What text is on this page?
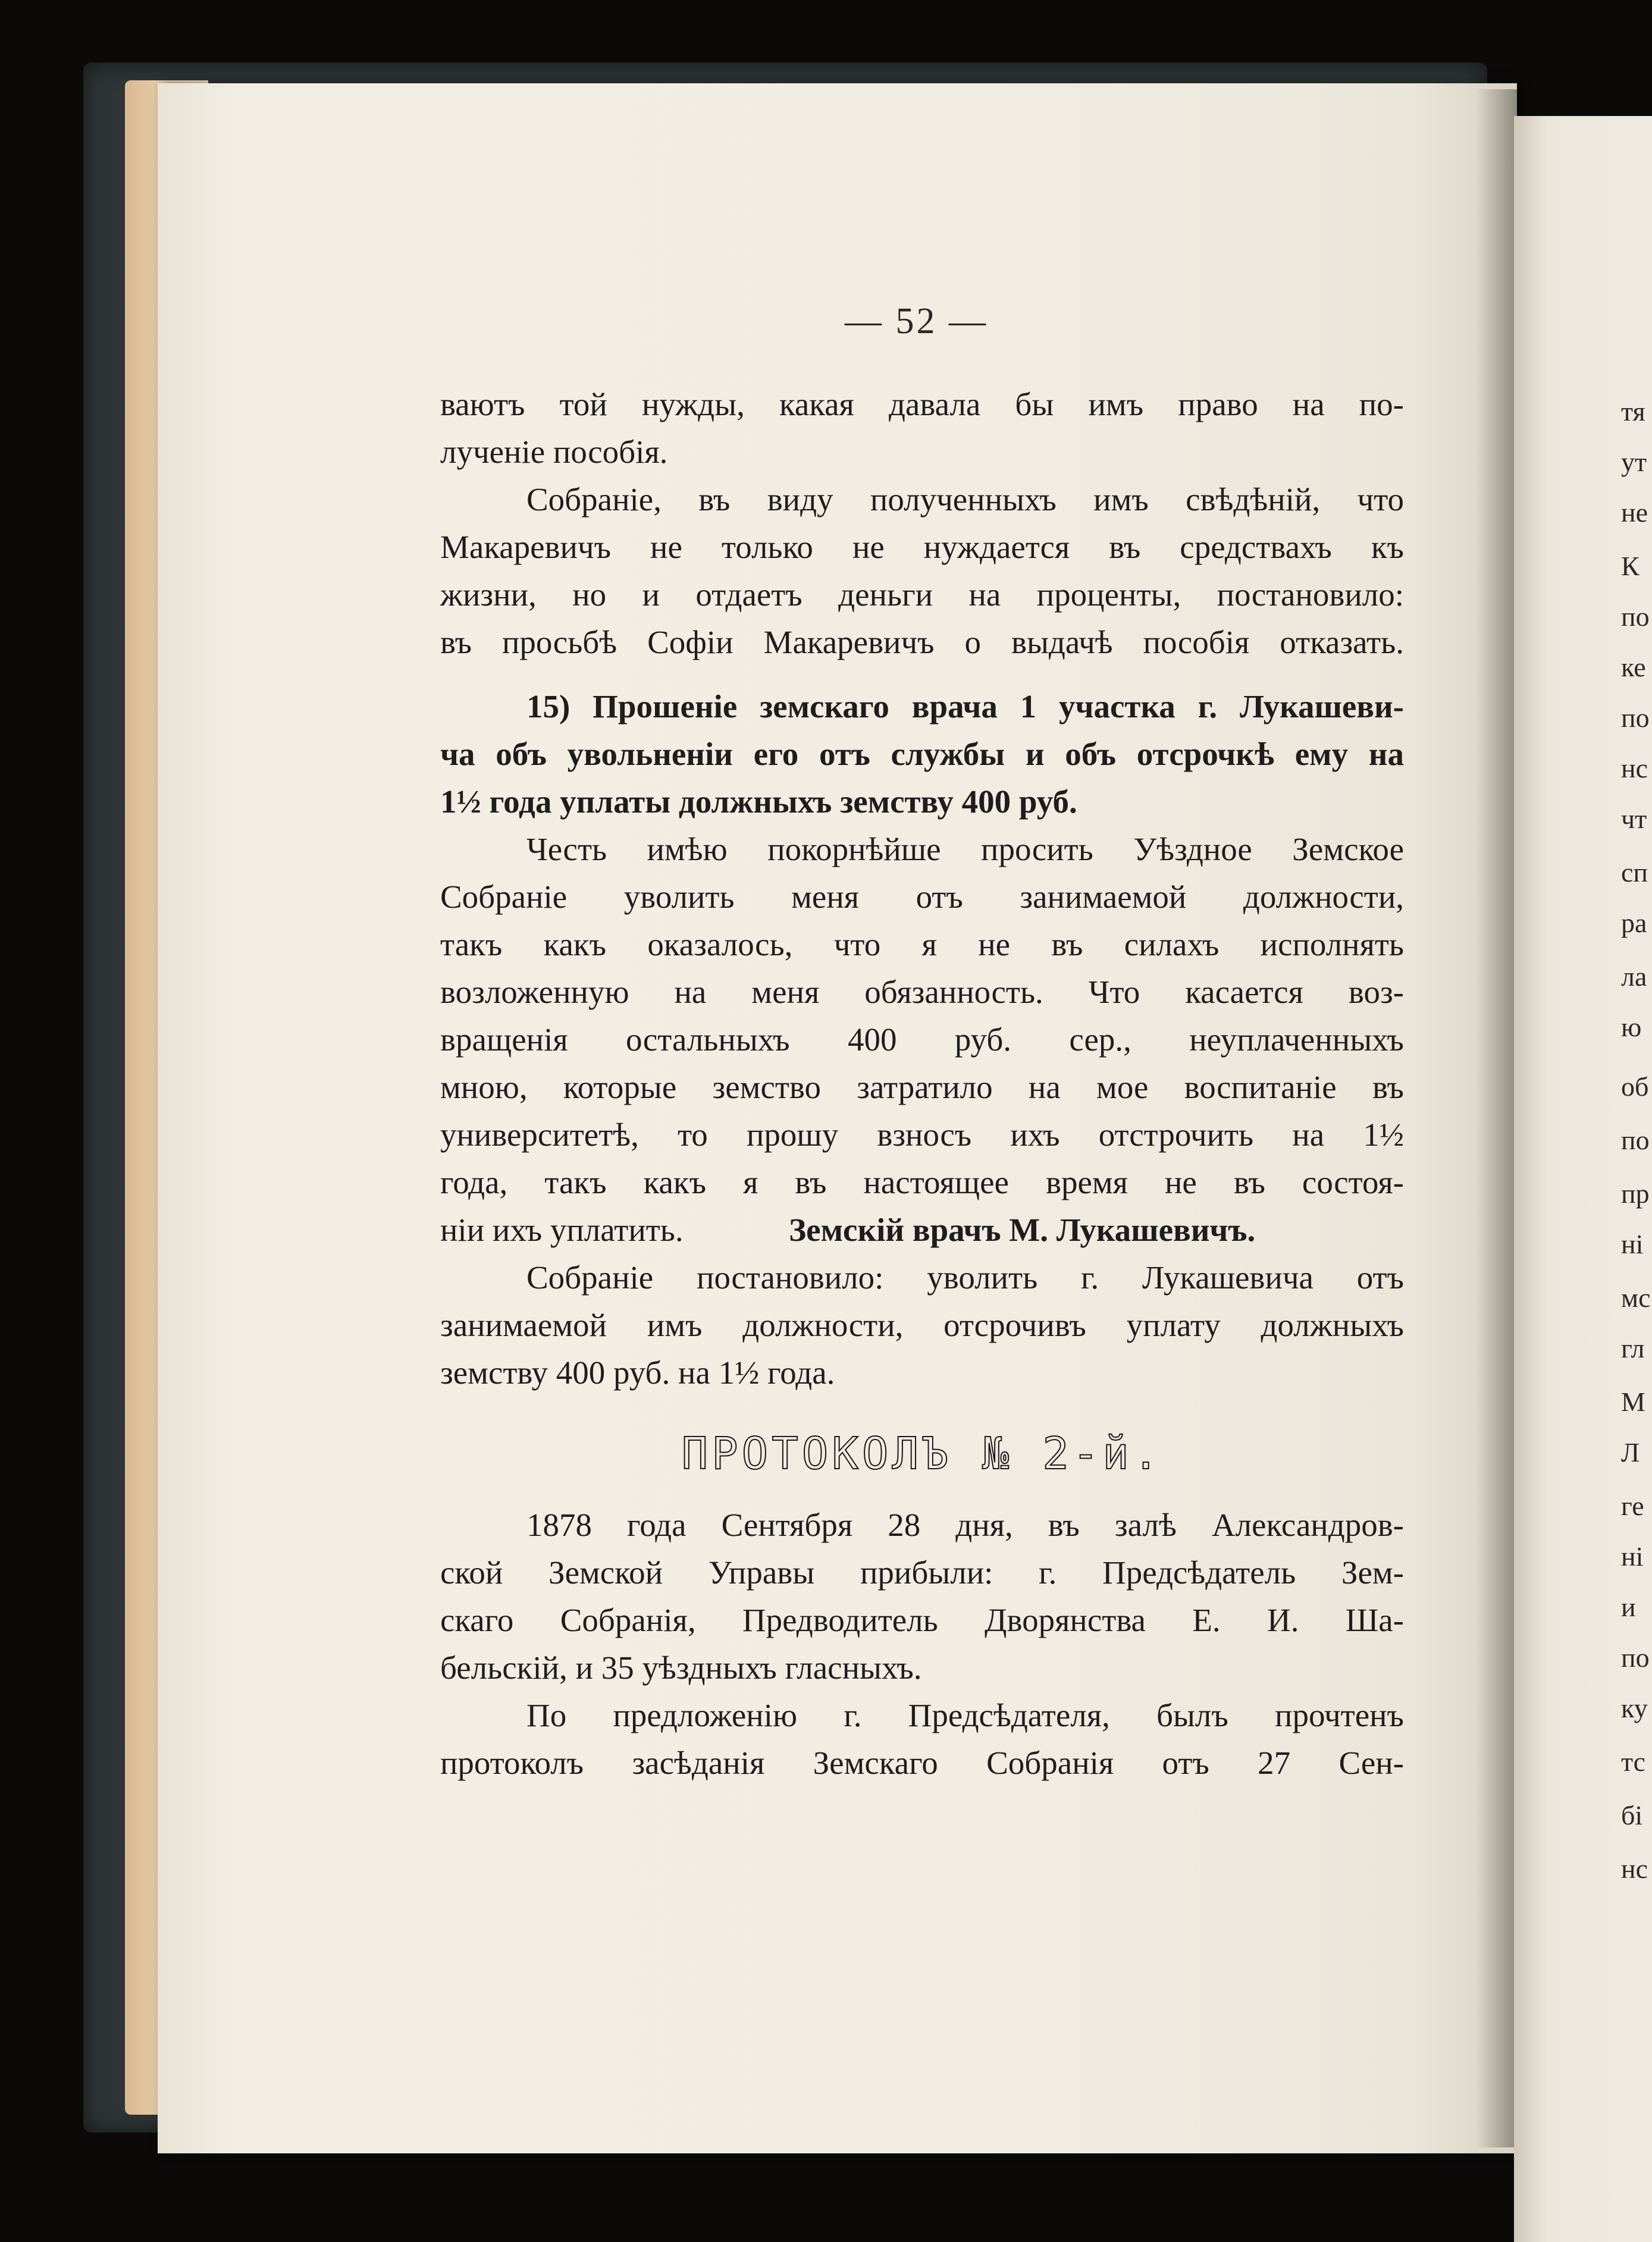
тя
ут
не
К
по
ке
по
нс
чт
сп
ра
ла
ю
об
по
пр
ні
мс
гл
М
Л
ге
ні
и
по
ку
тс
бі
нс
— 52 —

ваютъ той нужды, какая давала бы имъ право на по-
лученіе пособія.

Собраніе, въ виду полученныхъ имъ свѣдѣній, что
Макаревичъ не только не нуждается въ средствахъ къ
жизни, но и отдаетъ деньги на проценты, постановило:
въ просьбѣ Софіи Макаревичъ о выдачѣ пособія отказать.

15) Прошеніе земскаго врача 1 участка г. Лукашеви-
ча объ увольненіи его отъ службы и объ отсрочкѣ ему на
1½ года уплаты должныхъ земству 400 руб.

Честь имѣю покорнѣйше просить Уѣздное Земское
Собраніе уволить меня отъ занимаемой должности,
такъ какъ оказалось, что я не въ силахъ исполнять
возложенную на меня обязанность. Что касается воз-
вращенія остальныхъ 400 руб. сер., неуплаченныхъ
мною, которые земство затратило на мое воспитаніе въ
университетѣ, то прошу взносъ ихъ отстрочить на 1½
года, такъ какъ я въ настоящее время не въ состоя-
ніи ихъ уплатить.	Земскій врачъ М. Лукашевичъ.

Собраніе постановило: уволить г. Лукашевича отъ
занимаемой имъ должности, отсрочивъ уплату должныхъ
земству 400 руб. на 1½ года.

ПРОТОКОЛЪ № 2-й.

1878 года Сентября 28 дня, въ залѣ Александров-
ской Земской Управы прибыли: г. Предсѣдатель Зем-
скаго Собранія, Предводитель Дворянства Е. И. Ша-
бельскій, и 35 уѣздныхъ гласныхъ.

По предложенію г. Предсѣдателя, былъ прочтенъ
протоколъ засѣданія Земскаго Собранія отъ 27 Сен-
